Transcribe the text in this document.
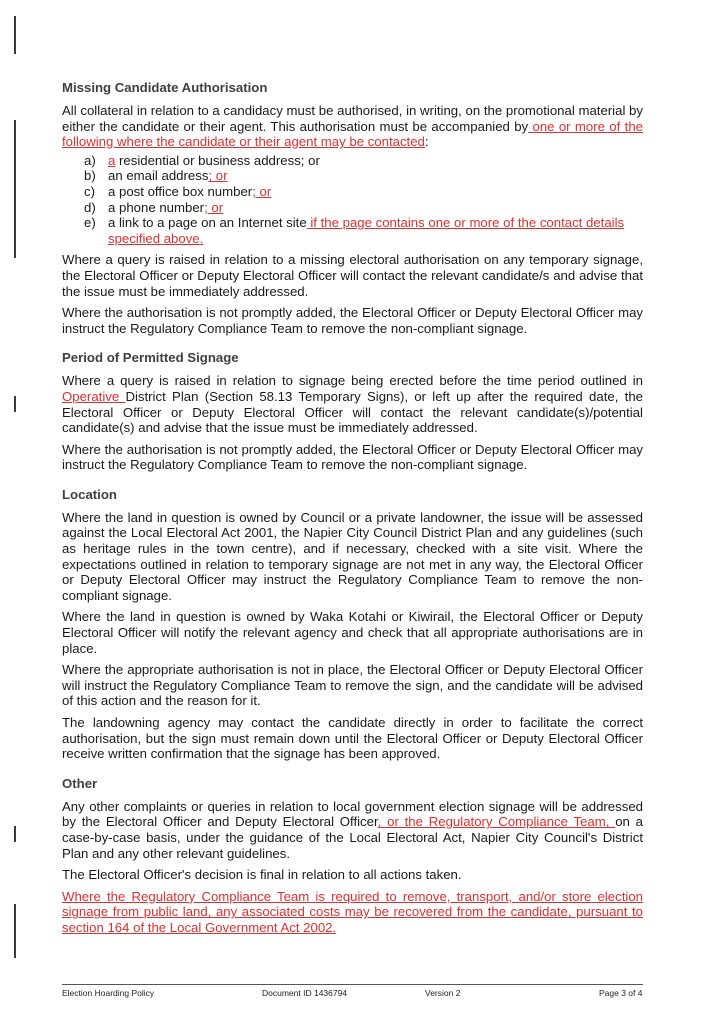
Missing Candidate Authorisation

All collateral in relation to a candidacy must be authorised, in writing, on the promotional material by either the candidate or their agent. This authorisation must be accompanied by one or more of the following where the candidate or their agent may be contacted:

a) a residential or business address; or
b) an email address; or
c) a post office box number; or
d) a phone number; or
e) a link to a page on an Internet site if the page contains one or more of the contact details specified above.

Where a query is raised in relation to a missing electoral authorisation on any temporary signage, the Electoral Officer or Deputy Electoral Officer will contact the relevant candidate/s and advise that the issue must be immediately addressed.

Where the authorisation is not promptly added, the Electoral Officer or Deputy Electoral Officer may instruct the Regulatory Compliance Team to remove the non-compliant signage.

Period of Permitted Signage

Where a query is raised in relation to signage being erected before the time period outlined in Operative District Plan (Section 58.13 Temporary Signs), or left up after the required date, the Electoral Officer or Deputy Electoral Officer will contact the relevant candidate(s)/potential candidate(s) and advise that the issue must be immediately addressed.

Where the authorisation is not promptly added, the Electoral Officer or Deputy Electoral Officer may instruct the Regulatory Compliance Team to remove the non-compliant signage.

Location

Where the land in question is owned by Council or a private landowner, the issue will be assessed against the Local Electoral Act 2001, the Napier City Council District Plan and any guidelines (such as heritage rules in the town centre), and if necessary, checked with a site visit. Where the expectations outlined in relation to temporary signage are not met in any way, the Electoral Officer or Deputy Electoral Officer may instruct the Regulatory Compliance Team to remove the non-compliant signage.

Where the land in question is owned by Waka Kotahi or Kiwirail, the Electoral Officer or Deputy Electoral Officer will notify the relevant agency and check that all appropriate authorisations are in place.

Where the appropriate authorisation is not in place, the Electoral Officer or Deputy Electoral Officer will instruct the Regulatory Compliance Team to remove the sign, and the candidate will be advised of this action and the reason for it.

The landowning agency may contact the candidate directly in order to facilitate the correct authorisation, but the sign must remain down until the Electoral Officer or Deputy Electoral Officer receive written confirmation that the signage has been approved.

Other

Any other complaints or queries in relation to local government election signage will be addressed by the Electoral Officer and Deputy Electoral Officer, or the Regulatory Compliance Team, on a case-by-case basis, under the guidance of the Local Electoral Act, Napier City Council's District Plan and any other relevant guidelines.

The Electoral Officer's decision is final in relation to all actions taken.

Where the Regulatory Compliance Team is required to remove, transport, and/or store election signage from public land, any associated costs may be recovered from the candidate, pursuant to section 164 of the Local Government Act 2002.

Election Hoarding Policy	Document ID 1436794	Version 2	Page 3 of 4
